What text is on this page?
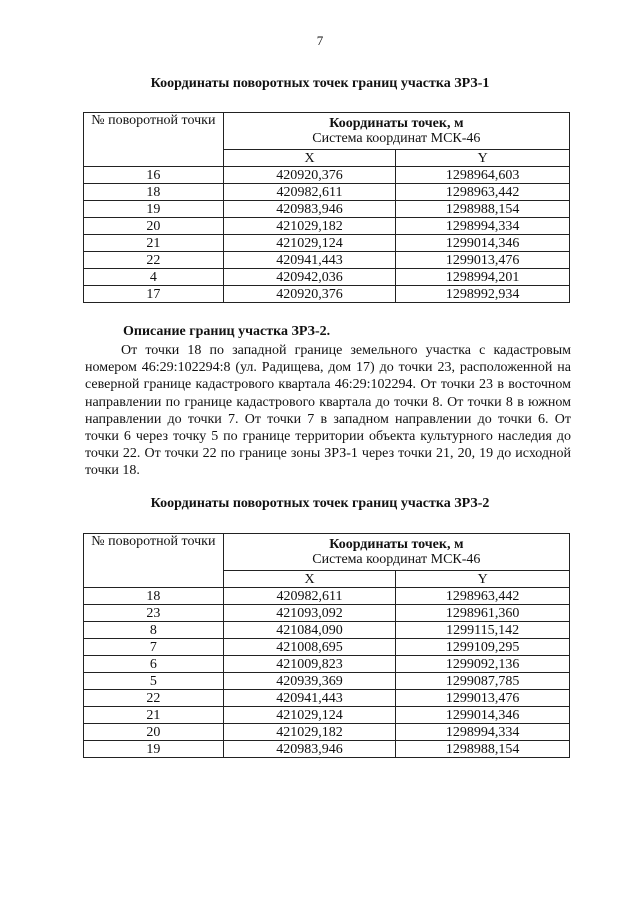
7
Координаты поворотных точек границ участка ЗРЗ-1
№ поворотной точки	Координаты точек, м
Система координат МСК-46	
	X	Y
16	420920,376	1298964,603
18	420982,611	1298963,442
19	420983,946	1298988,154
20	421029,182	1298994,334
21	421029,124	1299014,346
22	420941,443	1299013,476
4	420942,036	1298994,201
17	420920,376	1298992,934
Описание границ участка ЗРЗ-2.

От точки 18 по западной границе земельного участка с кадастровым номером 46:29:102294:8 (ул. Радищева, дом 17) до точки 23, расположенной на северной границе кадастрового квартала 46:29:102294. От точки 23 в восточном направлении по границе кадастрового квартала до точки 8. От точки 8 в южном направлении до точки 7. От точки 7 в западном направлении до точки 6. От точки 6 через точку 5 по границе территории объекта культурного наследия до точки 22. От точки 22 по границе зоны ЗРЗ-1 через точки 21, 20, 19 до исходной точки 18.

Координаты поворотных точек границ участка ЗРЗ-2
№ поворотной точки	Координаты точек, м
Система координат МСК-46	
	X	Y
18	420982,611	1298963,442
23	421093,092	1298961,360
8	421084,090	1299115,142
7	421008,695	1299109,295
6	421009,823	1299092,136
5	420939,369	1299087,785
22	420941,443	1299013,476
21	421029,124	1299014,346
20	421029,182	1298994,334
19	420983,946	1298988,154
